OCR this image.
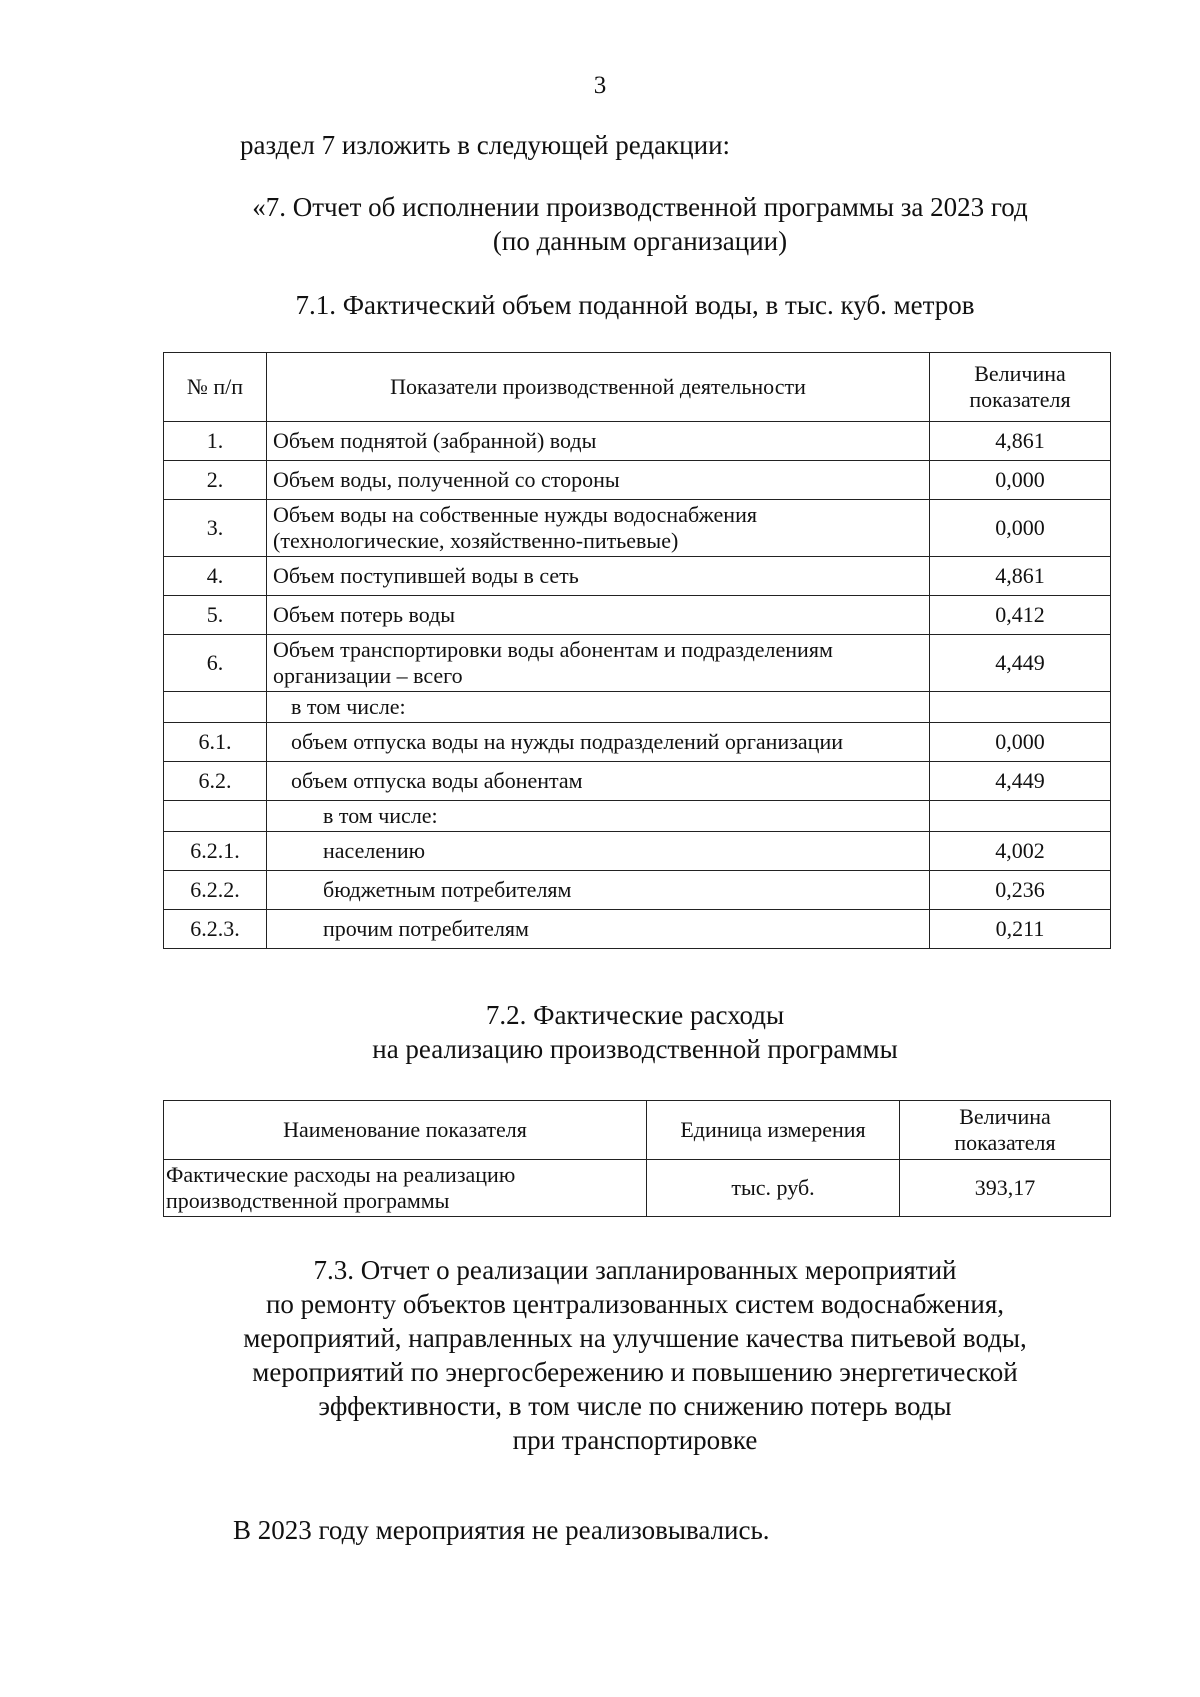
3
раздел 7 изложить в следующей редакции:
«7. Отчет об исполнении производственной программы за 2023 год
(по данным организации)
7.1. Фактический объем поданной воды, в тыс. куб. метров
№ п/п	Показатели производственной деятельности	Величина показателя
1.	Объем поднятой (забранной) воды	4,861
2.	Объем воды, полученной со стороны	0,000
3.	Объем воды на собственные нужды водоснабжения (технологические, хозяйственно-питьевые)	0,000
4.	Объем поступившей воды в сеть	4,861
5.	Объем потерь воды	0,412
6.	Объем транспортировки воды абонентам и подразделениям организации – всего	4,449
	в том числе:	
6.1.	объем отпуска воды на нужды подразделений организации	0,000
6.2.	объем отпуска воды абонентам	4,449
	в том числе:	
6.2.1.	населению	4,002
6.2.2.	бюджетным потребителям	0,236
6.2.3.	прочим потребителям	0,211
7.2. Фактические расходы
на реализацию производственной программы
Наименование показателя	Единица измерения	Величина показателя
Фактические расходы на реализацию производственной программы	тыс. руб.	393,17
7.3. Отчет о реализации запланированных мероприятий
по ремонту объектов централизованных систем водоснабжения,
мероприятий, направленных на улучшение качества питьевой воды,
мероприятий по энергосбережению и повышению энергетической
эффективности, в том числе по снижению потерь воды
при транспортировке
В 2023 году мероприятия не реализовывались.
